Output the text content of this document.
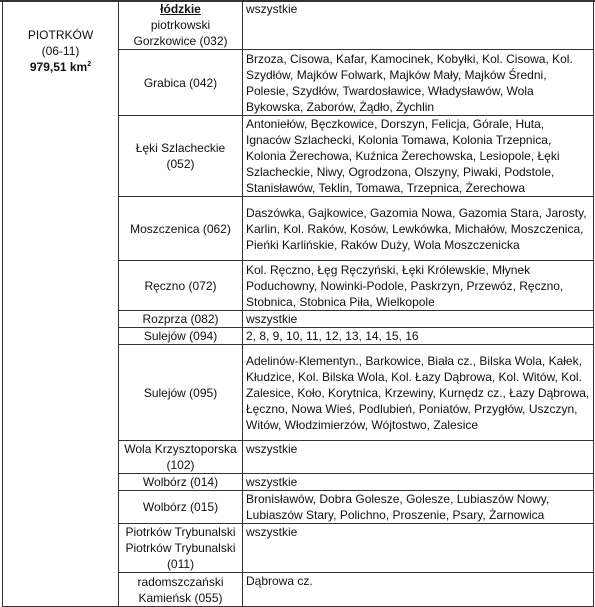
PIOTRKÓW
(06-11)
979,51 $km^2$	łódzkie
piotrkowski
Gorzkowice (032)	wszystkie
	Grabica (042)	Brzoza, Cisowa, Kafar, Kamocinek, Kobyłki, Kol. Cisowa, Kol. Szydłów, Majków Folwark, Majków Mały, Majków Średni, Polesie, Szydłów, Twardosławice, Władysławów, Wola Bykowska, Zaborów, Żądło, Żychlin

	Łęki Szlacheckie
(052)	Antoniełów, Bęczkowice, Dorszyn, Felicja, Górale, Huta, Ignaców Szlachecki, Kolonia Tomawa, Kolonia Trzepnica, Kolonia Żerechowa, Kuźnica Żerechowska, Lesiopole, Łęki Szlacheckie, Niwy, Ogrodzona, Olszyny, Piwaki, Podstole, Stanisławów, Teklin, Tomawa, Trzepnica, Żerechowa
	Moszczenica (062)	Daszówka, Gajkowice, Gazomia Nowa, Gazomia Stara, Jarosty, Karlin, Kol. Raków, Kosów, Lewkówka, Michałów, Moszczenica, Pieńki Karlińskie, Raków Duży, Wola Moszczenicka
	Ręczno (072)	Kol. Ręczno, Łęg Ręczyński, Łęki Królewskie, Młynek Poduchowny, Nowinki-Podole, Paskrzyn, Przewóz, Ręczno, Stobnica, Stobnica Piła, Wielkopole
	Rozprza (082)	wszystkie
	Sulejów (094)	2, 8, 9, 10, 11, 12, 13, 14, 15, 16
	Sulejów (095)	Adelinów-Klementyn., Barkowice, Biała cz., Bilska Wola, Kałek, Kłudzice, Kol. Bilska Wola, Kol. Łazy Dąbrowa, Kol. Witów, Kol. Zalesice, Koło, Korytnica, Krzewiny, Kurnędz cz., Łazy Dąbrowa, Łęczno, Nowa Wieś, Podlubień, Poniatów, Przygłów, Uszczyn, Witów, Włodzimierzów, Wójtostwo, Zalesice

	Wola Krzysztoporska
(102)	wszystkie
	Wolbórz (014)	wszystkie
	Wolbórz (015)	Bronisławów, Dobra Golesze, Golesze, Lubiaszów Nowy, Lubiaszów Stary, Polichno, Proszenie, Psary, Żarnowica

	Piotrków Trybunalski
Piotrków Trybunalski
(011)	wszystkie

	radomszczański
Kamieńsk (055)	Dąbrowa cz.
